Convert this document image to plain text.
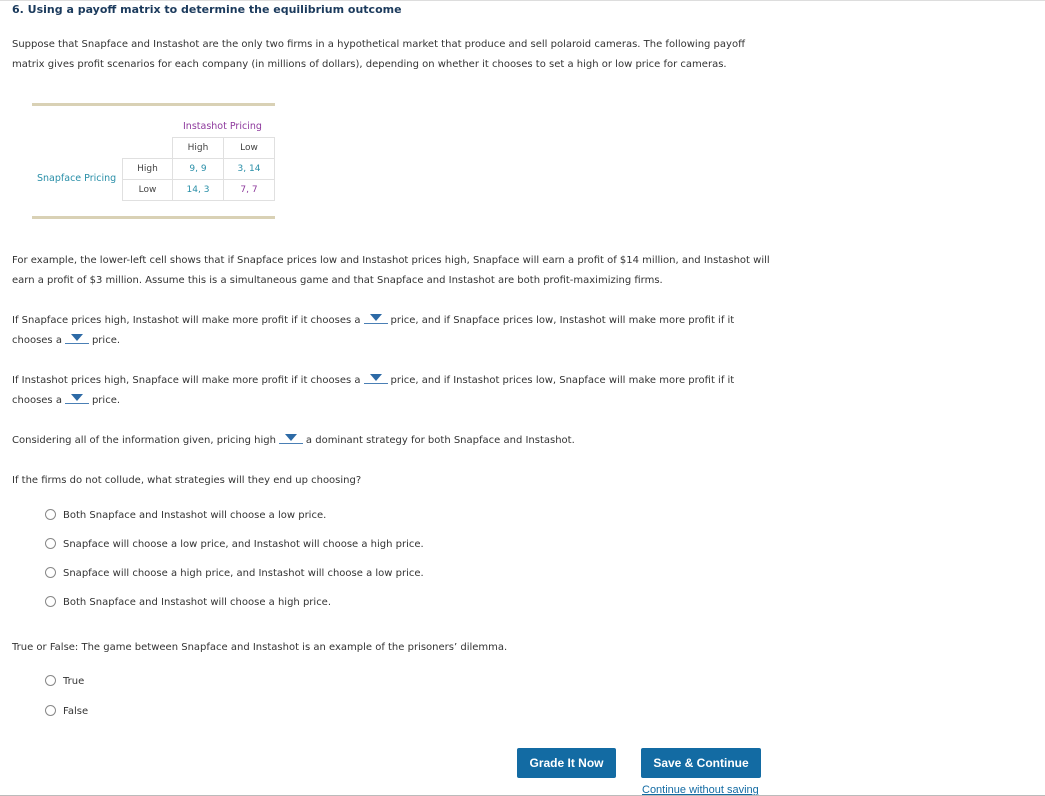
6. Using a payoff matrix to determine the equilibrium outcome
Suppose that Snapface and Instashot are the only two firms in a hypothetical market that produce and sell polaroid cameras. The following payoff matrix gives profit scenarios for each company (in millions of dollars), depending on whether it chooses to set a high or low price for cameras.
Instashot Pricing
Snapface Pricing
	High	Low
High	9, 9	3, 14
Low	14, 3	7, 7
For example, the lower-left cell shows that if Snapface prices low and Instashot prices high, Snapface will earn a profit of $14 million, and Instashot will earn a profit of $3 million. Assume this is a simultaneous game and that Snapface and Instashot are both profit-maximizing firms.
If Snapface prices high, Instashot will make more profit if it chooses a	price, and if Snapface prices low, Instashot will make more profit if it chooses a	price.
If Instashot prices high, Snapface will make more profit if it chooses a	price, and if Instashot prices low, Snapface will make more profit if it chooses a	price.
Considering all of the information given, pricing high	a dominant strategy for both Snapface and Instashot.
If the firms do not collude, what strategies will they end up choosing?
Both Snapface and Instashot will choose a low price.
Snapface will choose a low price, and Instashot will choose a high price.
Snapface will choose a high price, and Instashot will choose a low price.
Both Snapface and Instashot will choose a high price.
True or False: The game between Snapface and Instashot is an example of the prisoners’ dilemma.
True
False
Grade It Now	Save & Continue
Continue without saving
